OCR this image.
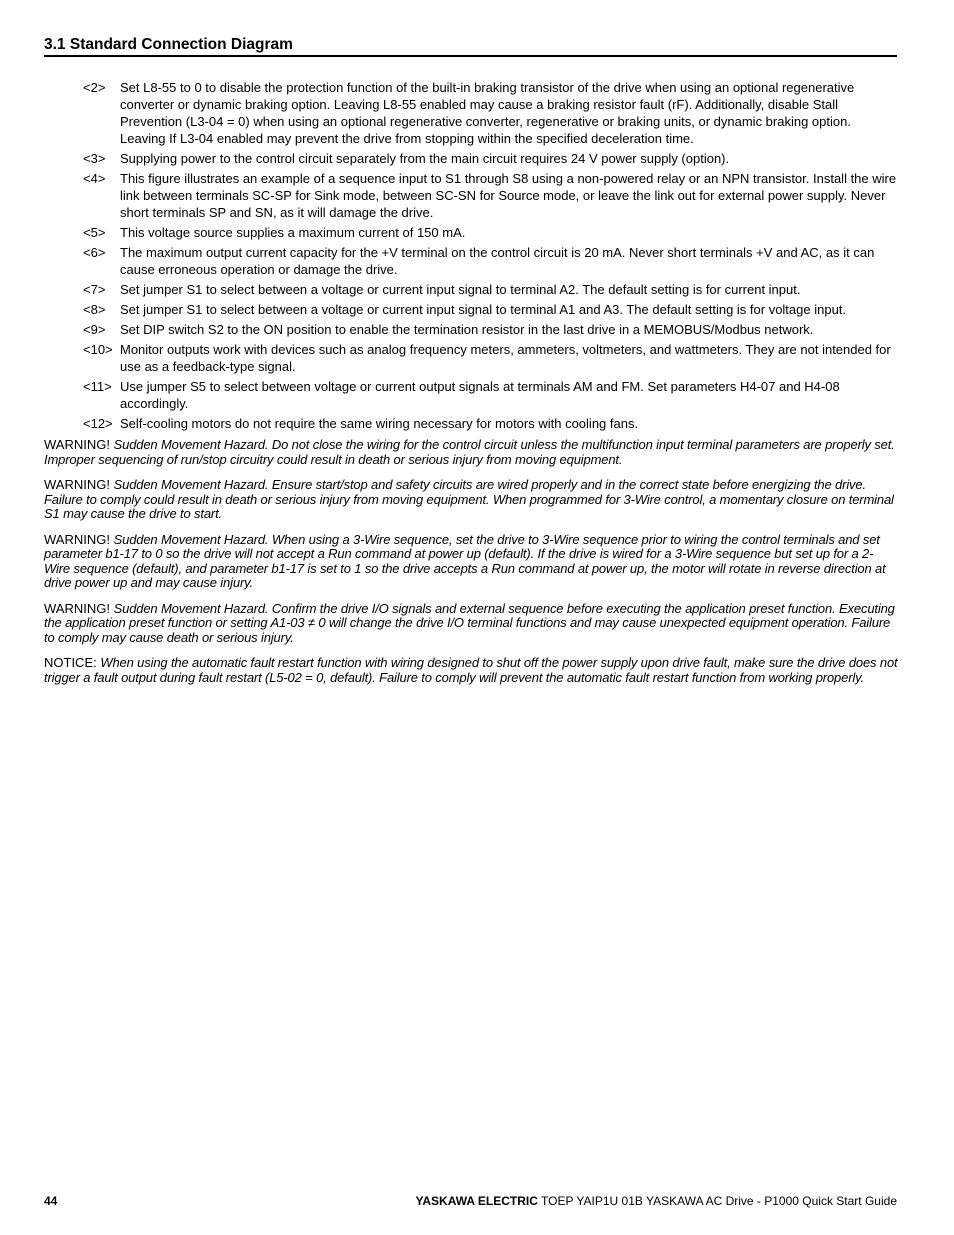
3.1 Standard Connection Diagram
<2>	Set L8-55 to 0 to disable the protection function of the built-in braking transistor of the drive when using an optional regenerative converter or dynamic braking option. Leaving L8-55 enabled may cause a braking resistor fault (rF). Additionally, disable Stall Prevention (L3-04 = 0) when using an optional regenerative converter, regenerative or braking units, or dynamic braking option. Leaving If L3-04 enabled may prevent the drive from stopping within the specified deceleration time.
<3>	Supplying power to the control circuit separately from the main circuit requires 24 V power supply (option).
<4>	This figure illustrates an example of a sequence input to S1 through S8 using a non-powered relay or an NPN transistor. Install the wire link between terminals SC-SP for Sink mode, between SC-SN for Source mode, or leave the link out for external power supply. Never short terminals SP and SN, as it will damage the drive.
<5>	This voltage source supplies a maximum current of 150 mA.
<6>	The maximum output current capacity for the +V terminal on the control circuit is 20 mA. Never short terminals +V and AC, as it can cause erroneous operation or damage the drive.
<7>	Set jumper S1 to select between a voltage or current input signal to terminal A2. The default setting is for current input.
<8>	Set jumper S1 to select between a voltage or current input signal to terminal A1 and A3. The default setting is for voltage input.
<9>	Set DIP switch S2 to the ON position to enable the termination resistor in the last drive in a MEMOBUS/Modbus network.
<10> Monitor outputs work with devices such as analog frequency meters, ammeters, voltmeters, and wattmeters. They are not intended for use as a feedback-type signal.
<11> Use jumper S5 to select between voltage or current output signals at terminals AM and FM. Set parameters H4-07 and H4-08 accordingly.
<12> Self-cooling motors do not require the same wiring necessary for motors with cooling fans.
WARNING! Sudden Movement Hazard. Do not close the wiring for the control circuit unless the multifunction input terminal parameters are properly set. Improper sequencing of run/stop circuitry could result in death or serious injury from moving equipment.
WARNING! Sudden Movement Hazard. Ensure start/stop and safety circuits are wired properly and in the correct state before energizing the drive. Failure to comply could result in death or serious injury from moving equipment. When programmed for 3-Wire control, a momentary closure on terminal S1 may cause the drive to start.
WARNING! Sudden Movement Hazard. When using a 3-Wire sequence, set the drive to 3-Wire sequence prior to wiring the control terminals and set parameter b1-17 to 0 so the drive will not accept a Run command at power up (default). If the drive is wired for a 3-Wire sequence but set up for a 2-Wire sequence (default), and parameter b1-17 is set to 1 so the drive accepts a Run command at power up, the motor will rotate in reverse direction at drive power up and may cause injury.
WARNING! Sudden Movement Hazard. Confirm the drive I/O signals and external sequence before executing the application preset function. Executing the application preset function or setting A1-03 ≠ 0 will change the drive I/O terminal functions and may cause unexpected equipment operation. Failure to comply may cause death or serious injury.
NOTICE: When using the automatic fault restart function with wiring designed to shut off the power supply upon drive fault, make sure the drive does not trigger a fault output during fault restart (L5-02 = 0, default). Failure to comply will prevent the automatic fault restart function from working properly.
44	YASKAWA ELECTRIC TOEP YAIP1U 01B YASKAWA AC Drive - P1000 Quick Start Guide
